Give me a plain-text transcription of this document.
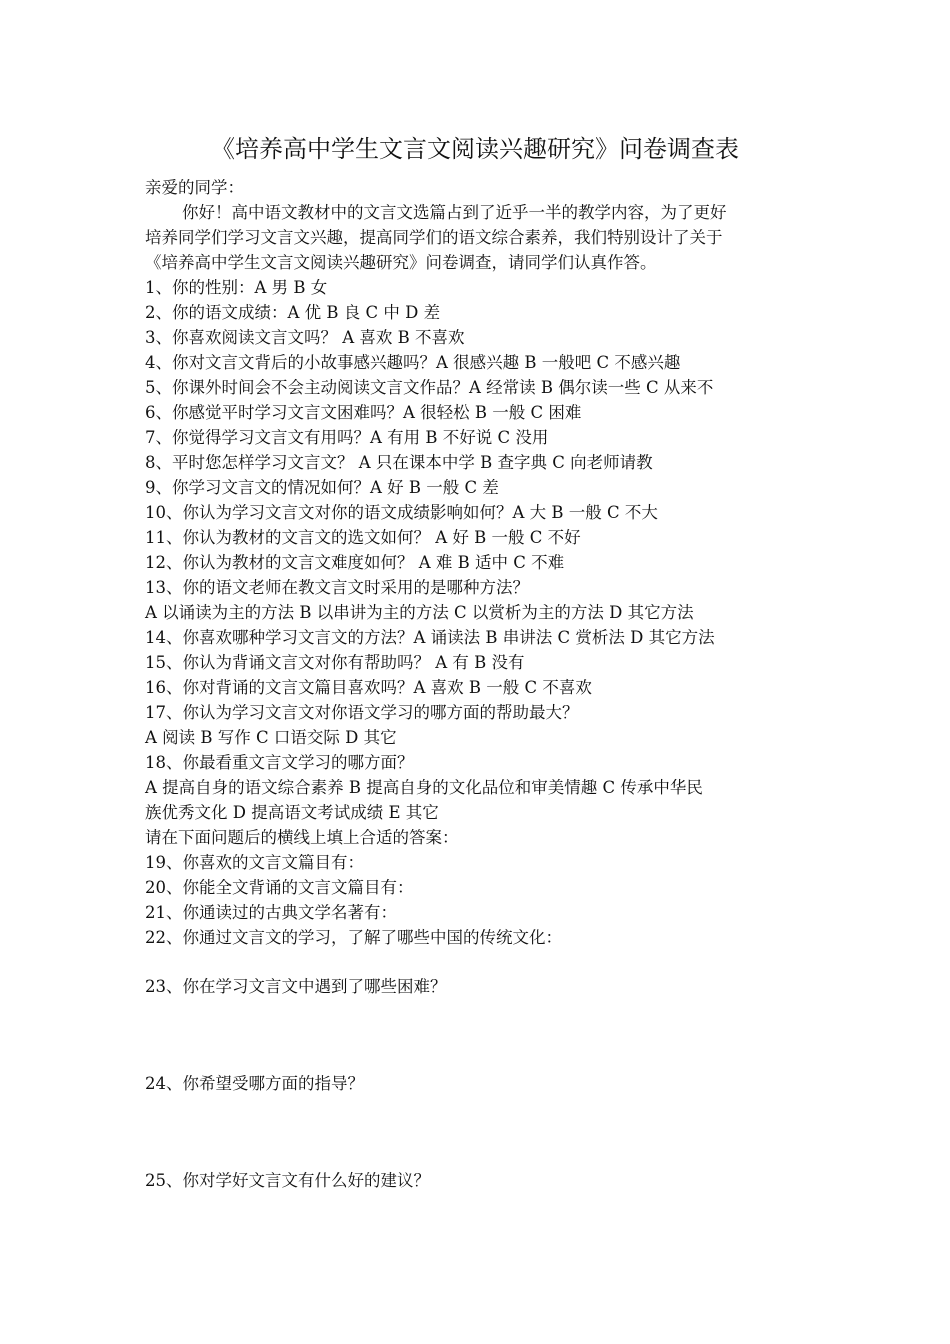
《培养高中学生文言文阅读兴趣研究》问卷调查表
亲爱的同学：
你好！高中语文教材中的文言文选篇占到了近乎一半的教学内容，为了更好
培养同学们学习文言文兴趣，提高同学们的语文综合素养，我们特别设计了关于
《培养高中学生文言文阅读兴趣研究》问卷调查，请同学们认真作答。
1、你的性别：A 男 B 女
2、你的语文成绩：A 优 B 良 C 中 D 差
3、你喜欢阅读文言文吗？ A 喜欢 B 不喜欢
4、你对文言文背后的小故事感兴趣吗？A 很感兴趣 B 一般吧 C 不感兴趣
5、你课外时间会不会主动阅读文言文作品？A 经常读 B 偶尔读一些 C 从来不
6、你感觉平时学习文言文困难吗？A 很轻松 B 一般 C 困难
7、你觉得学习文言文有用吗？A 有用 B 不好说 C 没用
8、平时您怎样学习文言文？ A 只在课本中学 B 查字典 C 向老师请教
9、你学习文言文的情况如何？A 好 B 一般 C 差
10、你认为学习文言文对你的语文成绩影响如何？A 大 B 一般 C 不大
11、你认为教材的文言文的选文如何？ A 好 B 一般 C 不好
12、你认为教材的文言文难度如何？ A 难 B 适中 C 不难
13、你的语文老师在教文言文时采用的是哪种方法？
A 以诵读为主的方法 B 以串讲为主的方法 C 以赏析为主的方法 D 其它方法
14、你喜欢哪种学习文言文的方法？A 诵读法 B 串讲法 C 赏析法 D 其它方法
15、你认为背诵文言文对你有帮助吗？ A 有 B 没有
16、你对背诵的文言文篇目喜欢吗？A 喜欢 B 一般 C 不喜欢
17、你认为学习文言文对你语文学习的哪方面的帮助最大？
A 阅读 B 写作 C 口语交际 D 其它
18、你最看重文言文学习的哪方面？
A 提高自身的语文综合素养 B 提高自身的文化品位和审美情趣 C 传承中华民
族优秀文化 D 提高语文考试成绩 E 其它
请在下面问题后的横线上填上合适的答案：
19、你喜欢的文言文篇目有：
20、你能全文背诵的文言文篇目有：
21、你通读过的古典文学名著有：
22、你通过文言文的学习，了解了哪些中国的传统文化：
23、你在学习文言文中遇到了哪些困难？
24、你希望受哪方面的指导？
25、你对学好文言文有什么好的建议？
